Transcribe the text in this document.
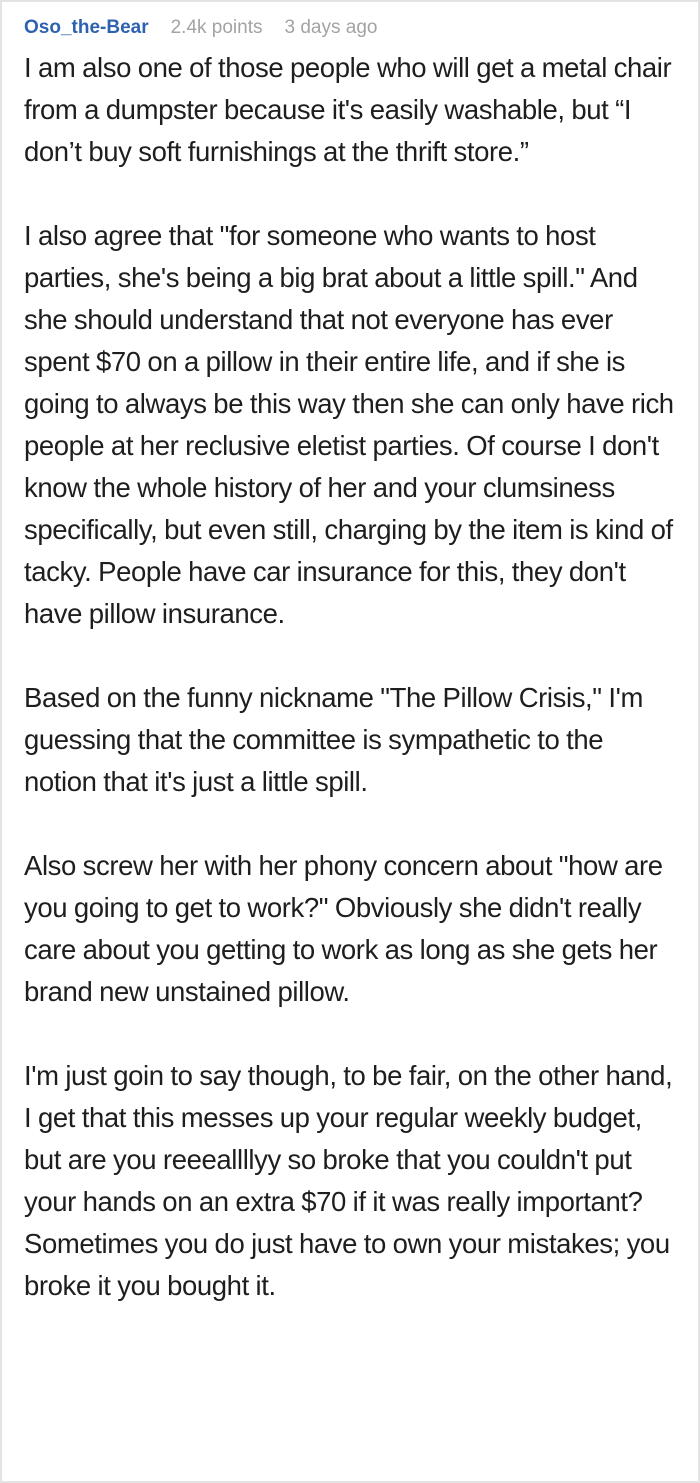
Oso_the-Bear 2.4k points 3 days ago

I am also one of those people who will get a metal chair from a dumpster because it's easily washable, but “I don’t buy soft furnishings at the thrift store.”

I also agree that "for someone who wants to host parties, she's being a big brat about a little spill." And she should understand that not everyone has ever spent $70 on a pillow in their entire life, and if she is going to always be this way then she can only have rich people at her reclusive eletist parties. Of course I don't know the whole history of her and your clumsiness specifically, but even still, charging by the item is kind of tacky. People have car insurance for this, they don't have pillow insurance.

Based on the funny nickname "The Pillow Crisis," I'm guessing that the committee is sympathetic to the notion that it's just a little spill.

Also screw her with her phony concern about "how are you going to get to work?" Obviously she didn't really care about you getting to work as long as she gets her brand new unstained pillow.

I'm just goin to say though, to be fair, on the other hand, I get that this messes up your regular weekly budget, but are you reeeallllyy so broke that you couldn't put your hands on an extra $70 if it was really important? Sometimes you do just have to own your mistakes; you broke it you bought it.
